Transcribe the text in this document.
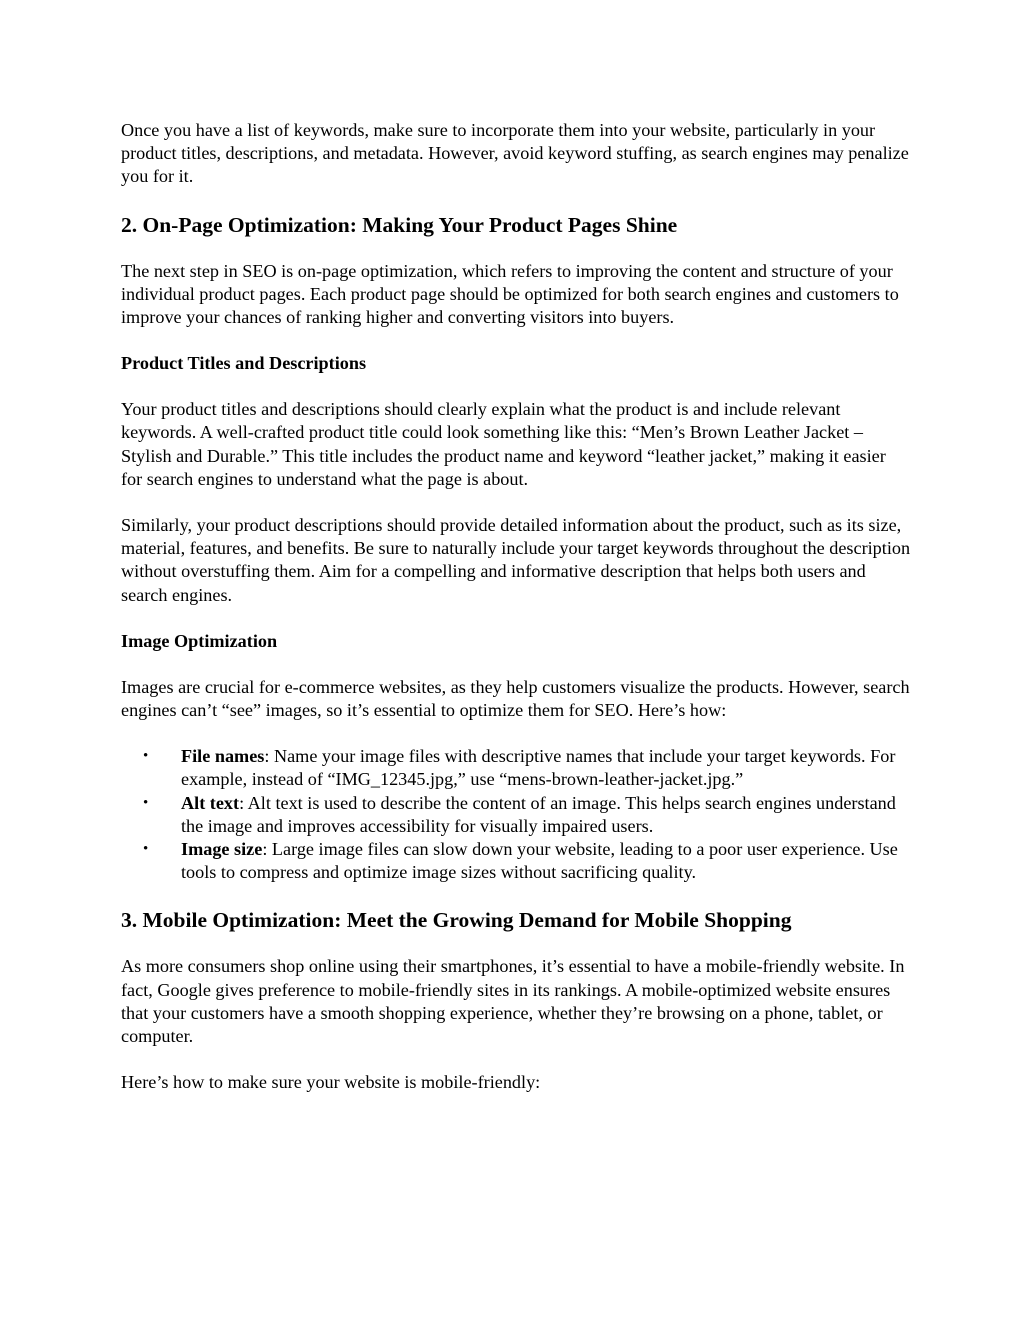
Once you have a list of keywords, make sure to incorporate them into your website, particularly in your product titles, descriptions, and metadata. However, avoid keyword stuffing, as search engines may penalize you for it.

2. On-Page Optimization: Making Your Product Pages Shine

The next step in SEO is on-page optimization, which refers to improving the content and structure of your individual product pages. Each product page should be optimized for both search engines and customers to improve your chances of ranking higher and converting visitors into buyers.

Product Titles and Descriptions

Your product titles and descriptions should clearly explain what the product is and include relevant keywords. A well-crafted product title could look something like this: “Men’s Brown Leather Jacket – Stylish and Durable.” This title includes the product name and keyword “leather jacket,” making it easier for search engines to understand what the page is about.

Similarly, your product descriptions should provide detailed information about the product, such as its size, material, features, and benefits. Be sure to naturally include your target keywords throughout the description without overstuffing them. Aim for a compelling and informative description that helps both users and search engines.

Image Optimization

Images are crucial for e-commerce websites, as they help customers visualize the products. However, search engines can’t “see” images, so it’s essential to optimize them for SEO. Here’s how:

• File names: Name your image files with descriptive names that include your target keywords. For example, instead of “IMG_12345.jpg,” use “mens-brown-leather-jacket.jpg.”
• Alt text: Alt text is used to describe the content of an image. This helps search engines understand the image and improves accessibility for visually impaired users.
• Image size: Large image files can slow down your website, leading to a poor user experience. Use tools to compress and optimize image sizes without sacrificing quality.
3. Mobile Optimization: Meet the Growing Demand for Mobile Shopping

As more consumers shop online using their smartphones, it’s essential to have a mobile-friendly website. In fact, Google gives preference to mobile-friendly sites in its rankings. A mobile-optimized website ensures that your customers have a smooth shopping experience, whether they’re browsing on a phone, tablet, or computer.

Here’s how to make sure your website is mobile-friendly:
